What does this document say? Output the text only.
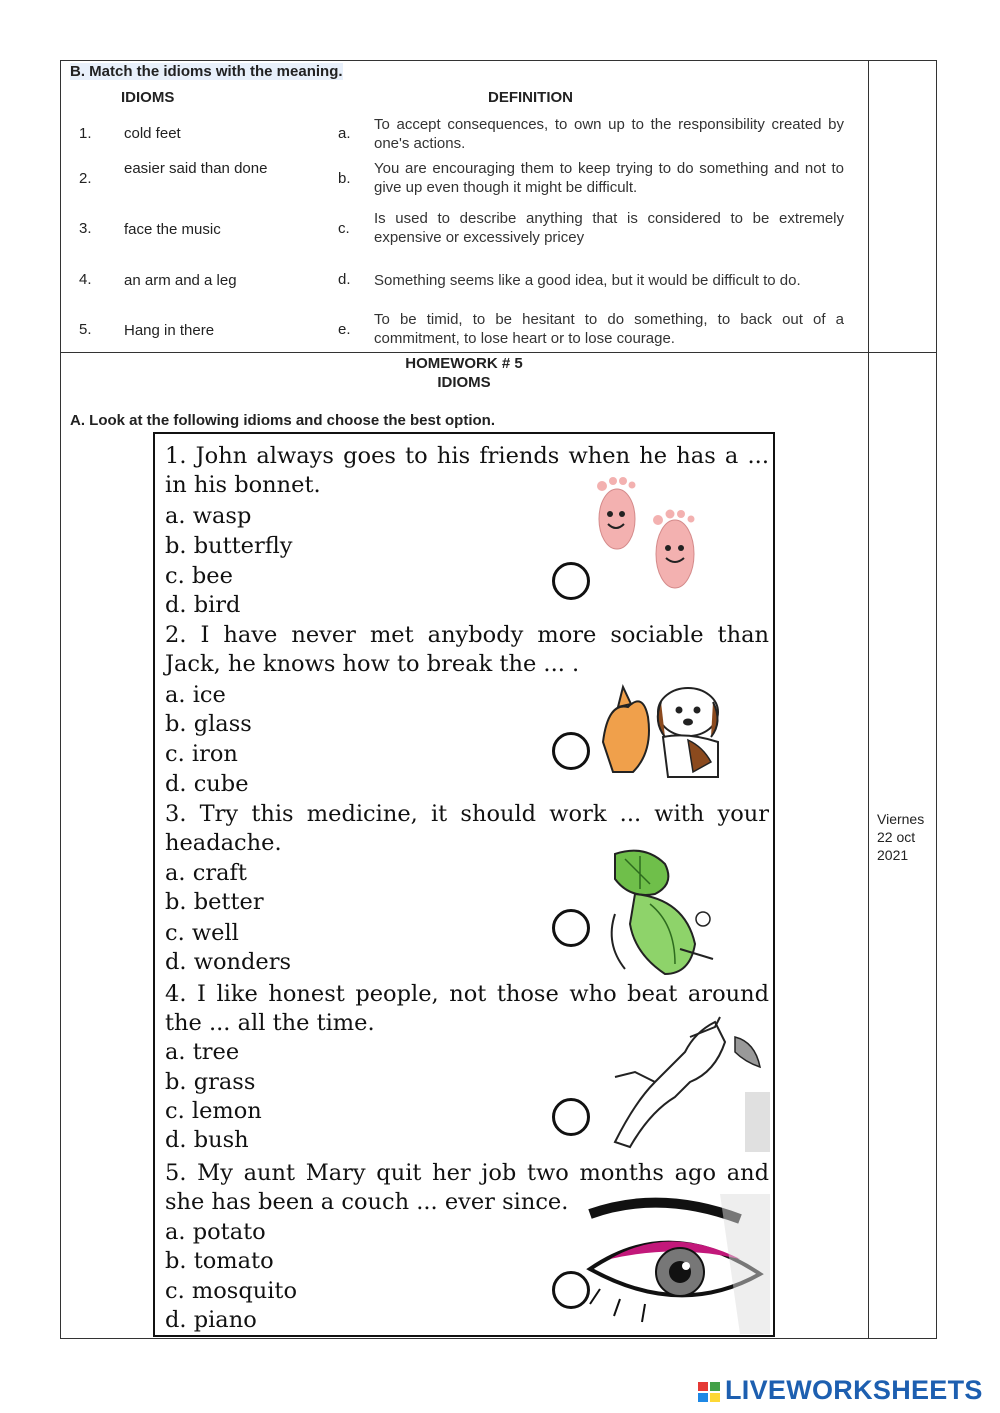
B. Match the idioms with the meaning.
IDIOMS	DEFINITION
1. cold feet	a.
To accept consequences, to own up to the responsibility created by one's actions.
2.
easier said than done
b.
You are encouraging them to keep trying to do something and not to give up even though it might be difficult.
3. face the music	c.
Is used to describe anything that is considered to be extremely expensive or excessively pricey
4. an arm and a leg	d. Something seems like a good idea, but it would be difficult to do.
5. Hang in there	e.
To be timid, to be hesitant to do something, to back out of a commitment, to lose heart or to lose courage.
HOMEWORK # 5
IDIOMS
A. Look at the following idioms and choose the best option.
Viernes
22 oct
2021
1. John always goes to his friends when he has a ... in his bonnet.
a. wasp
b. butterfly
c. bee
d. bird
2. I have never met anybody more sociable than Jack, he knows how to break the ... .
a. ice
b. glass
c. iron
d. cube
3. Try this medicine, it should work ... with your headache.
a. craft
b. better
c. well
d. wonders
4. I like honest people, not those who beat around the ... all the time.
a. tree
b. grass
c. lemon
d. bush
5. My aunt Mary quit her job two months ago and she has been a couch ... ever since.
a. potato
b. tomato
c. mosquito
d. piano
LIVEWORKSHEETS
